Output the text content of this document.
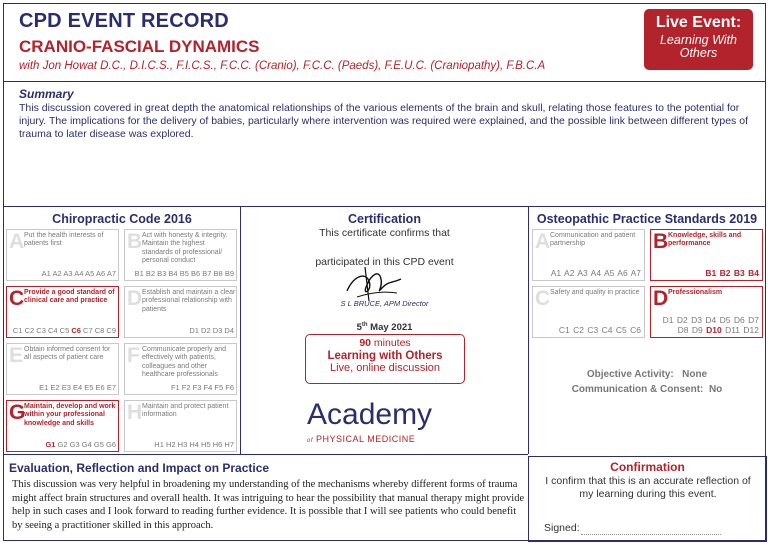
CPD EVENT RECORD
CRANIO-FASCIAL DYNAMICS
with Jon Howat D.C., D.I.C.S., F.I.C.S., F.C.C. (Cranio), F.C.C. (Paeds), F.E.U.C. (Craniopathy), F.B.C.A
Live Event:
Learning With Others
Summary
This discussion covered in great depth the anatomical relationships of the various elements of the brain and skull, relating those features to the potential for injury. The implications for the delivery of babies, particularly where intervention was required were explained, and the possible link between different types of trauma to later disease was explored.
Chiropractic Code 2016
A Put the health interests of patients first
A1 A2 A3 A4 A5 A6 A7
B Act with honesty & integrity. Maintain the highest standards of professional/ personal conduct
B1 B2 B3 B4 B5 B6 B7 B8 B9
C Provide a good standard of clinical care and practice
C1 C2 C3 C4 C5 C6 C7 C8 C9
D Establish and maintain a clear professional relationship with patients
D1 D2 D3 D4
E Obtain informed consent for all aspects of patient care
E1 E2 E3 E4 E5 E6 E7
F Communicate properly and effectively with patients, colleagues and other healthcare professionals
F1 F2 F3 F4 F5 F6
G
Maintain, develop and work within your professional knowledge and skills
G1 G2 G3 G4 G5 G6
H Maintain and protect patient information
H1 H2 H3 H4 H5 H6 H7
Certification
This certificate confirms that
participated in this CPD event
S L BRUCE, APM Director
5th May 2021
90 minutes
Learning with Others
Live, online discussion
Academy
of PHYSICAL MEDICINE
Osteopathic Practice Standards 2019
A Communication and patient partnership
A1 A2 A3 A4 A5 A6 A7
B Knowledge, skills and performance
B1 B2 B3 B4
C Safety and quality in practice
C1 C2 C3 C4 C5 C6
D Professionalism
D1 D2 D3 D4 D5 D6 D7 D8 D9 D10 D11 D12
Objective Activity: None
Communication & Consent: No
Evaluation, Reflection and Impact on Practice
This discussion was very helpful in broadening my understanding of the mechanisms whereby different forms of trauma might affect brain structures and overall health. It was intriguing to hear the possibility that manual therapy might provide help in such cases and I look forward to reading further evidence. It is possible that I will see patients who could benefit by seeing a practitioner skilled in this approach.
Confirmation
I confirm that this is an accurate reflection of my learning during this event.
Signed:
